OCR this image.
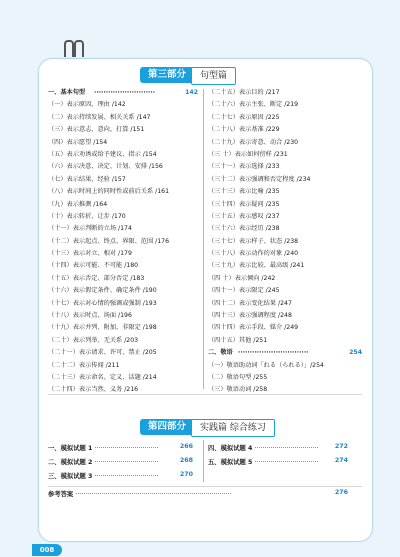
第三部分	句型篇
一、基本句型 ··························	142
（一）表示原因、理由 /142
（二）表示持续发展、相关关系 /147
（三）表示意志、意向、打算 /151
（四）表示愿望 /154
（五）表示劝诱或给予建议、指示 /154
（六）表示决意、决定、计划、安排 /156
（七）表示结果、经验 /157
（八）表示时间上的同时性或前后关系 /161
（九）表示推测 /164
（十）表示转折、让步 /170
（十一）表示判断的立场 /174
（十二）表示起点、终点、界限、范围 /176
（十三）表示对立、相对 /179
（十四）表示可能、不可能 /180
（十五）表示否定、部分否定 /183
（十六）表示假定条件、确定条件 /190
（十七）表示对心情的强调或强制 /193
（十八）表示时点、场面 /196
（十九）表示并列、附加、非限定 /198
（二十）表示列举、无关系 /203
（二十一）表示请求、许可、禁止 /205
（二十二）表示传闻 /211
（二十三）表示命名、定义、话题 /214
（二十四）表示当然、义务 /216
（二十五）表示目的 /217
（二十六）表示主张、断定 /219
（二十七）表示原因 /225
（二十八）表示基准 /229
（二十九）表示寄意、动合 /230
（三 十）表示如何傍样 /231
（三十一）表示选择 /233
（三十二）表示强调和否定程度 /234
（三十三）表示比喻 /235
（三十四）表示疑问 /235
（三十五）表示感叹 /237
（三十六）表示经历 /238
（三十七）表示样子、状态 /238
（三十八）表示动作的对象 /240
（三十九）表示比较、最高级 /241
（四 十）表示倾向 /242
（四十一）表示限定 /245
（四十二）表示变化结果 /247
（四十三）表示强调程度 /248
（四十四）表示手段、媒介 /249
（四十五）其他 /251
二、敬语 ······························	254
（一）敬语助动词「れる（られる）」/254
（二）敬语句型 /255
（三）敬语动词 /258
第四部分	实践篇 综合练习
一、模拟试题 1 ································	266
二、模拟试题 2 ································	268
三、模拟试题 3 ································	270
四、模拟试题 4 ································	272
五、模拟试题 5 ································	274
参考答案 ··············································································	276
008
